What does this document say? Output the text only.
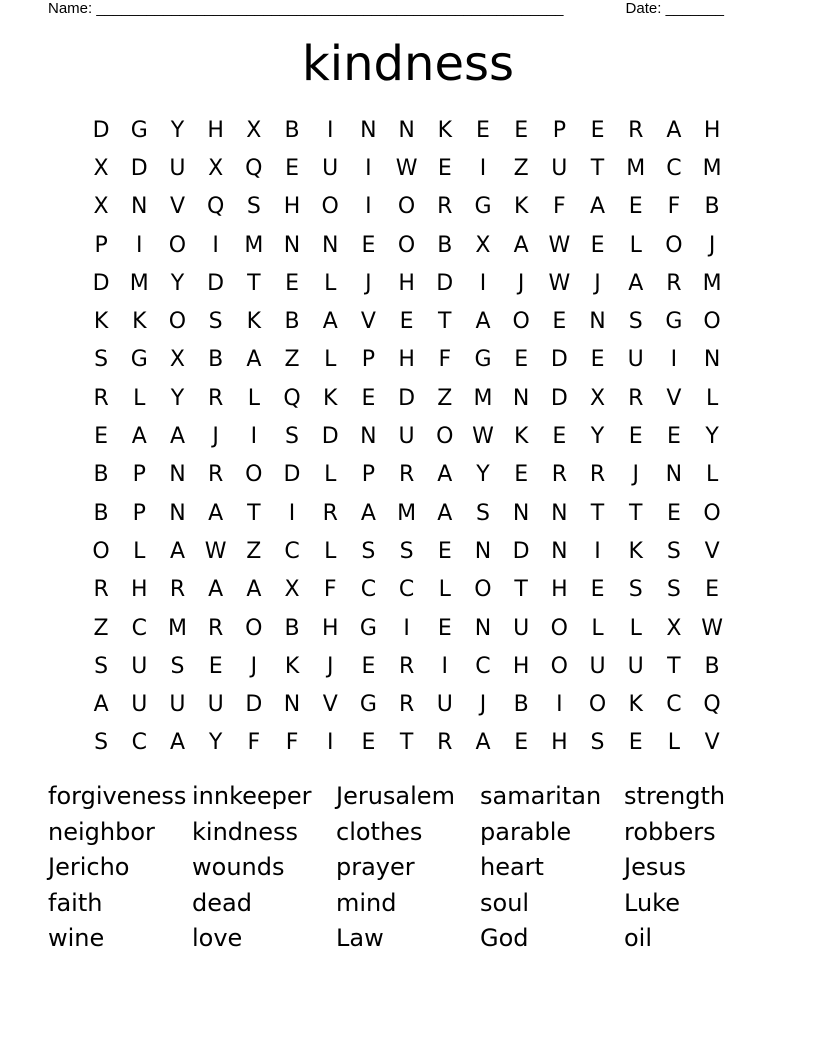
Name: ________________________________________________________	Date: _______
kindness
D G	Y	H	X	B	I	N N	K	E	E	P	E	R	A	H
X	D U	X Q	E	U	I	W E	I	Z	U	T M C M
X	N	V Q	S	H O	I	O R	G	K	F	A	E	F	B
P	I	O	I	M N N	E	O B	X	A W E	L	O	J
D M Y	D	T	E	L	J	H D	I	J	W	J	A	R M
K	K	O	S	K	B	A	V	E	T	A O	E	N	S	G O
S	G	X	B	A	Z	L	P	H	F	G	E	D	E	U	I	N
R	L	Y	R	L	Q	K	E	D	Z M N D	X	R	V	L
E	A	A	J	I	S	D N U O W K	E	Y	E	E	Y
B	P	N	R O D	L	P	R	A	Y	E	R	R	J	N	L
B	P	N	A	T	I	R	A M A	S	N N	T	T	E	O
O	L	A W Z	C	L	S	S	E	N D N	I	K	S	V
R	H	R	A	A	X	F	C	C	L	O	T	H	E	S	S	E
Z	C M R O B	H G	I	E	N U O	L	L	X W
S	U	S	E	J	K	J	E	R	I	C	H O U	U	T	B
A	U	U	U D N	V	G	R	U	J	B	I	O	K	C Q
S	C	A	Y	F	F	I	E	T	R	A	E	H	S	E	L	V
forgiveness innkeeper	Jerusalem	samaritan strength
neighbor	kindness	clothes	parable	robbers
Jericho	wounds	prayer	heart	Jesus
faith	dead	mind	soul	Luke
wine	love	Law	God	oil
